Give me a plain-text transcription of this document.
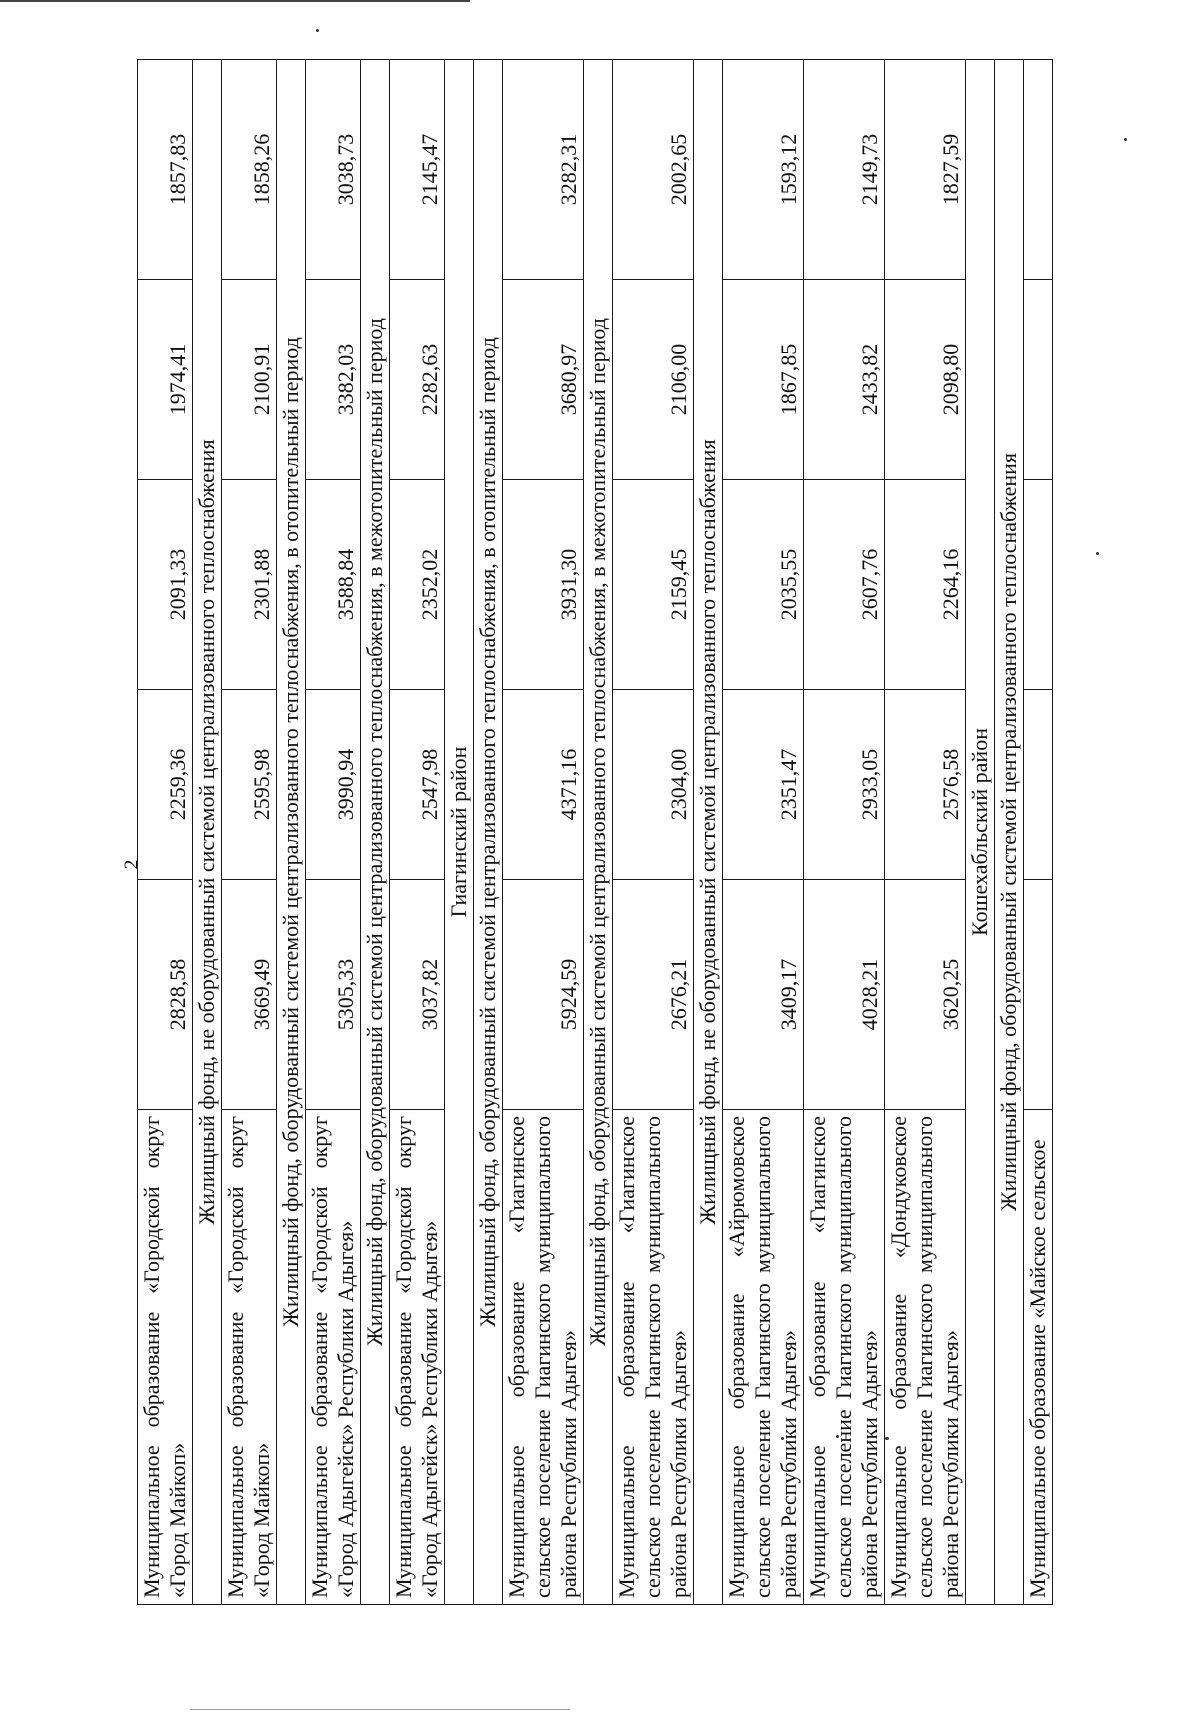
2
Муниципальное образование «Городской округ «Город Майкоп»	2828,58	2259,36	2091,33	1974,41	1857,83
Жилищный фонд, не оборудованный системой централизованного теплоснабжения					
Муниципальное образование «Городской округ «Город Майкоп»	3669,49	2595,98	2301,88	2100,91	1858,26
Жилищный фонд, оборудованный системой централизованного теплоснабжения, в отопительный период					
Муниципальное образование «Городской округ «Город Адыгейск» Республики Адыгея»	5305,33	3990,94	3588,84	3382,03	3038,73
Жилищный фонд, оборудованный системой централизованного теплоснабжения, в межотопительный период					
Муниципальное образование «Городской округ «Город Адыгейск» Республики Адыгея»	3037,82	2547,98	2352,02	2282,63	2145,47
Гиагинский район					
Жилищный фонд, оборудованный системой централизованного теплоснабжения, в отопительный период					
Муниципальное образование «Гиагинское сельское поселение Гиагинского муниципального района Республики Адыгея»	5924,59	4371,16	3931,30	3680,97	3282,31
Жилищный фонд, оборудованный системой централизованного теплоснабжения, в межотопительный период					
Муниципальное образование «Гиагинское сельское поселение Гиагинского муниципального района Республики Адыгея»	2676,21	2304,00	2159,45	2106,00	2002,65
Жилищный фонд, не оборудованный системой централизованного теплоснабжения					
Муниципальное образование «Айрюмовское сельское поселение Гиагинского муниципального района Республики Адыгея»	3409,17	2351,47	2035,55	1867,85	1593,12
Муниципальное образование «Гиагинское сельское поселение Гиагинского муниципального района Республики Адыгея»	4028,21	2933,05	2607,76	2433,82	2149,73
Муниципальное образование «Дондуковское сельское поселение Гиагинского муниципального района Республики Адыгея»	3620,25	2576,58	2264,16	2098,80	1827,59
Кошехабльский район					
Жилищный фонд, оборудованный системой централизованного теплоснабжения					
Муниципальное образование «Майское сельское					
